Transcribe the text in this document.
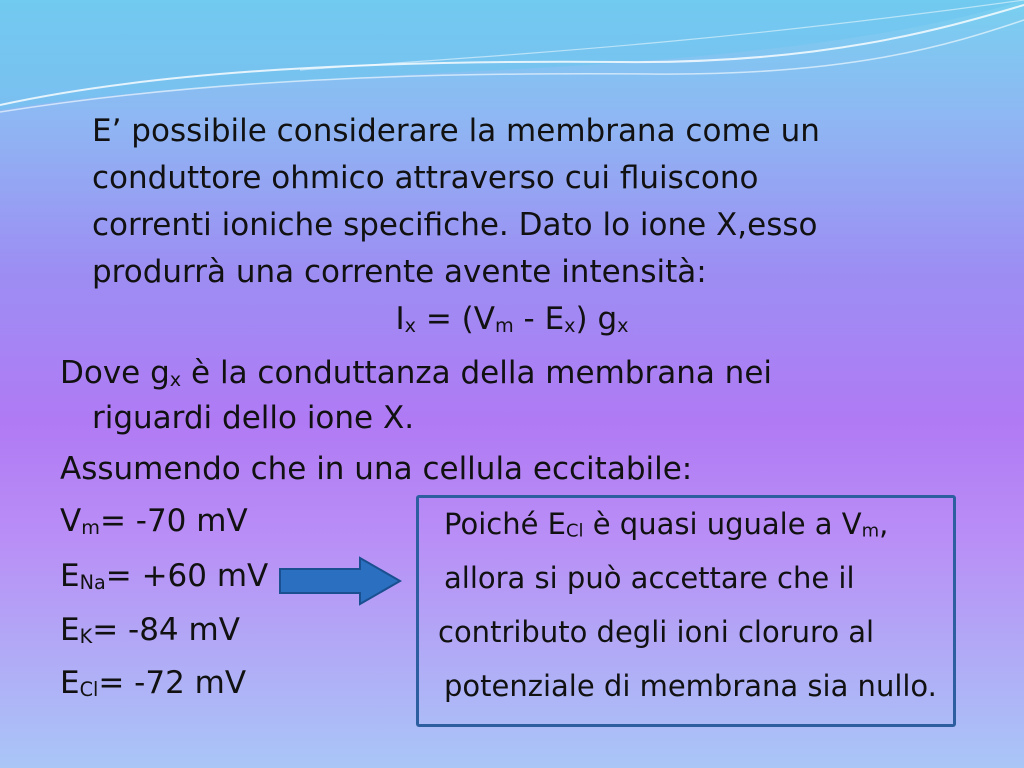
E’ possibile considerare la membrana come un
conduttore ohmico attraverso cui fluiscono
correnti ioniche specifiche. Dato lo ione X,esso
produrrà una corrente avente intensità:
$I_x = (V_m - E_x)$ $g_x$
Dove $g_x$ è la conduttanza della membrana nei
riguardi dello ione X.
Assumendo che in una cellula eccitabile:
$V_m= -70$ mV
$E_{Na}= +60$ mV
$E_K= -84$ mV
$E_{Cl}= -72$ mV
Poiché $E_{Cl}$ è quasi uguale a $V_m$,
allora si può accettare che il
contributo degli ioni cloruro al
potenziale di membrana sia nullo.
